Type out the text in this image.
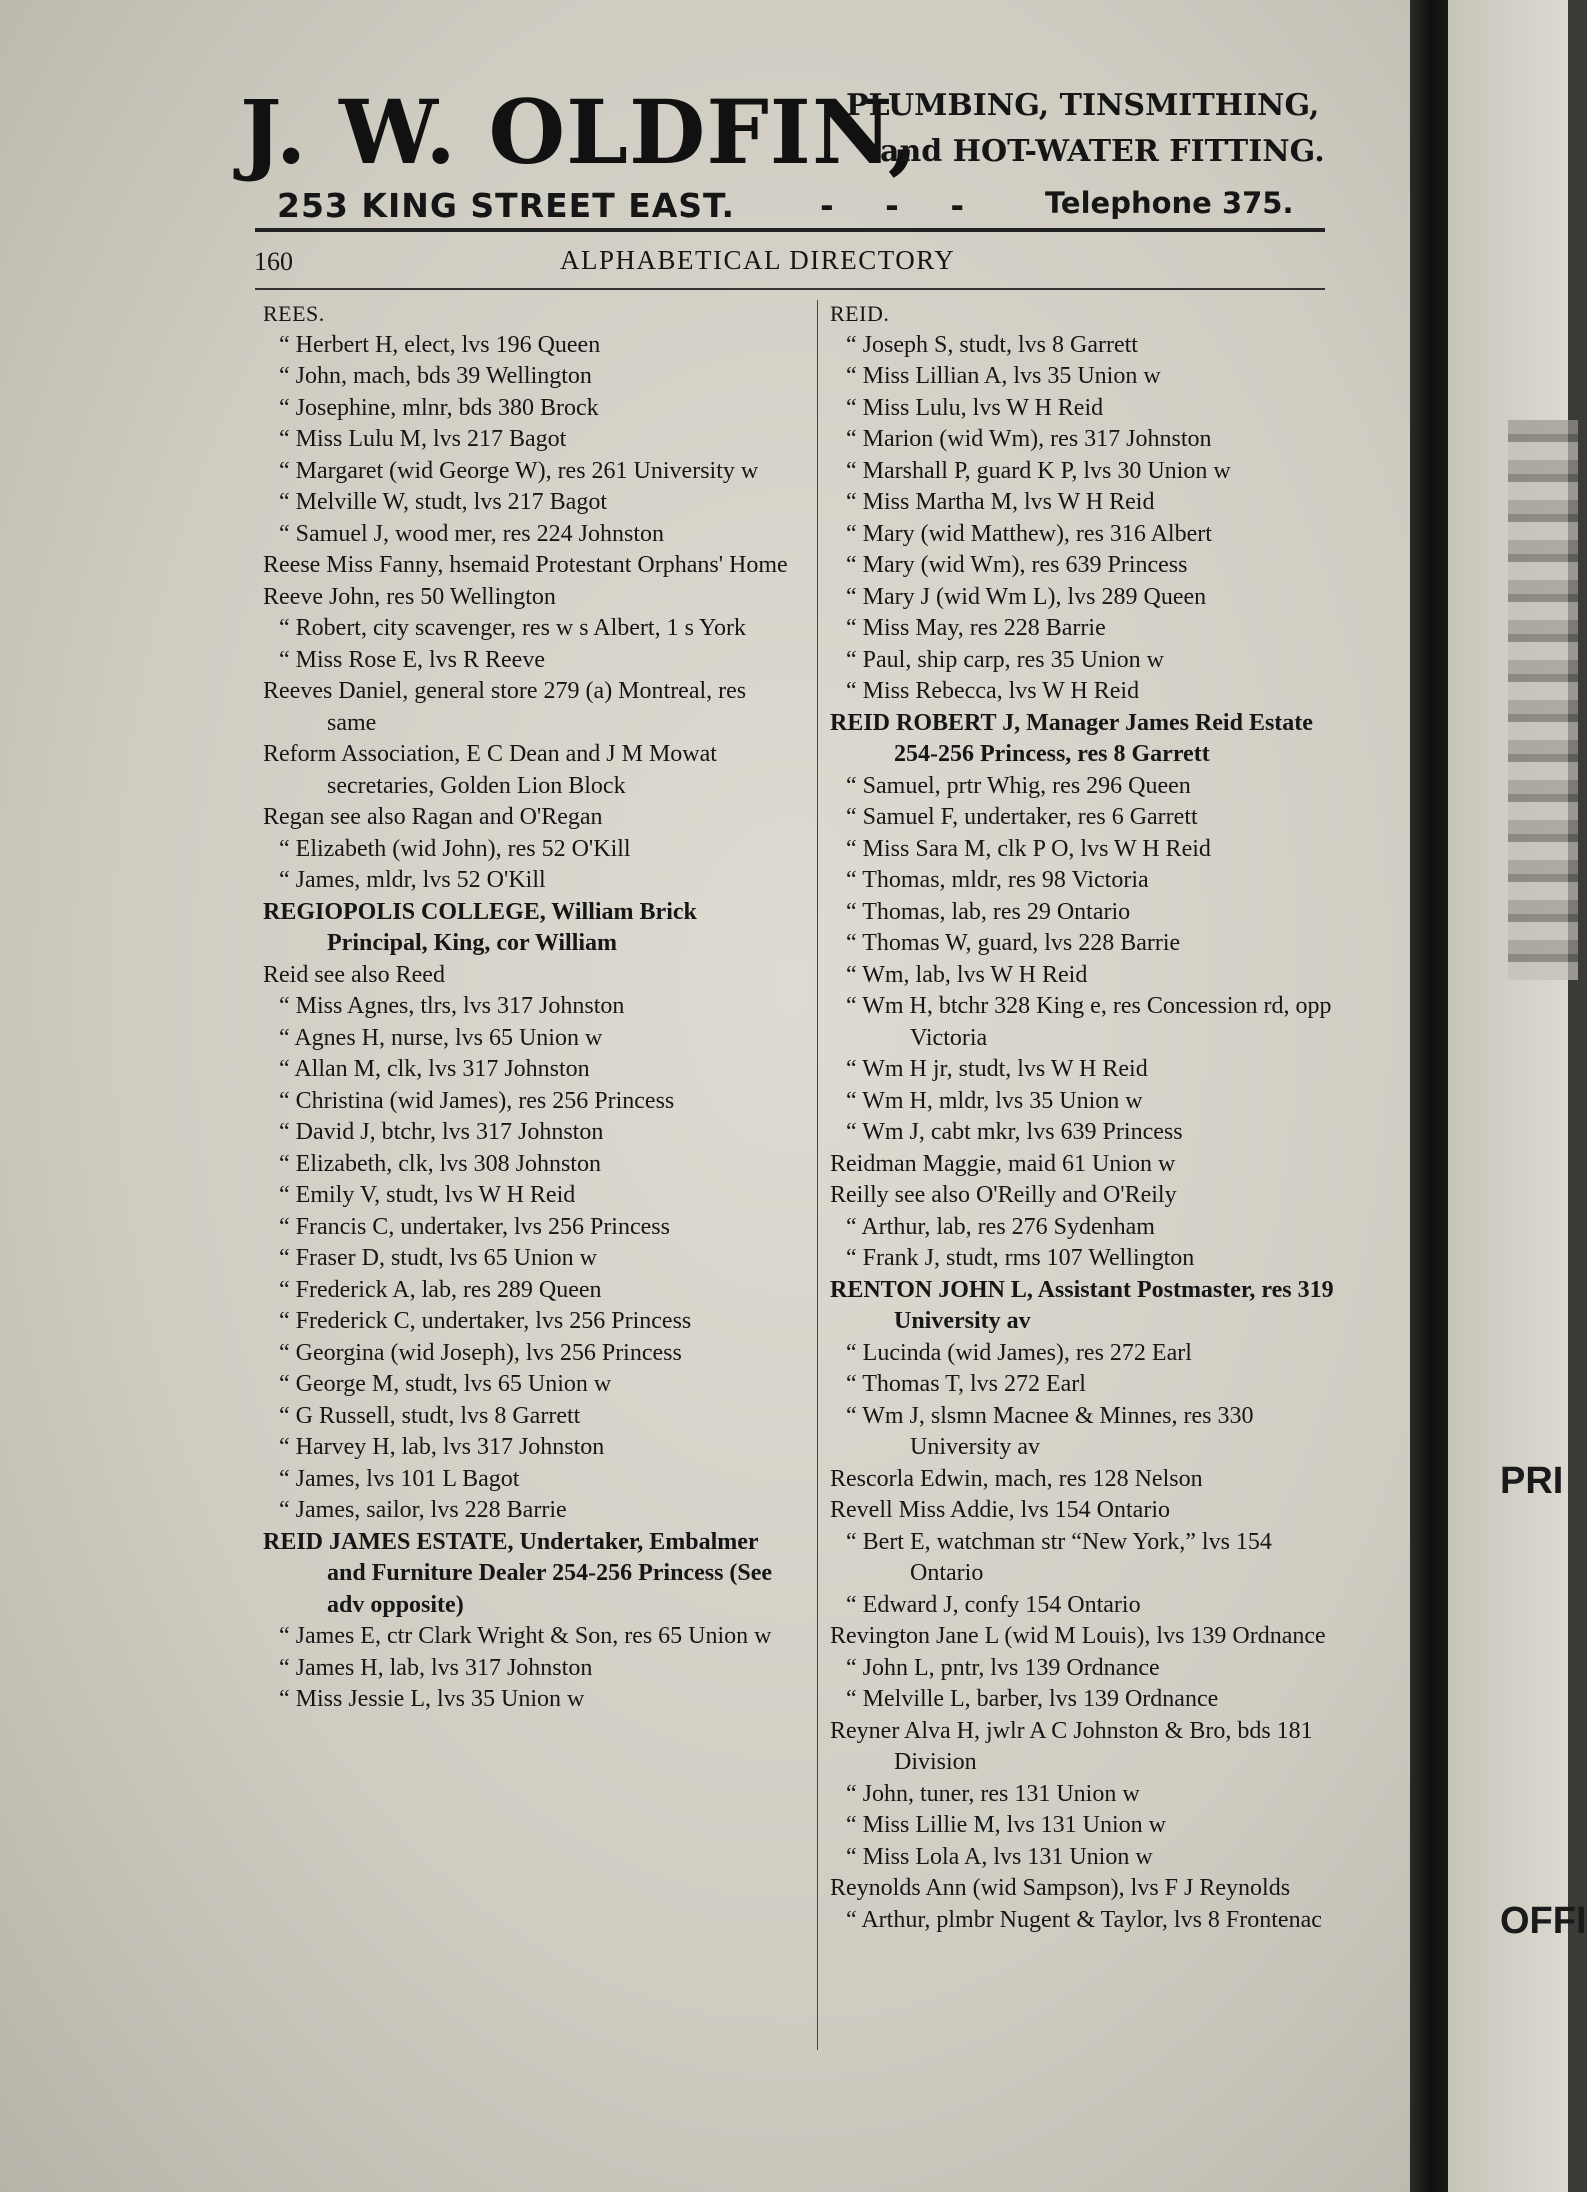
J. W. OLDFIN,
PLUMBING, TINSMITHING,
and HOT-WATER FITTING.
253 KING STREET EAST.	- - -	Telephone 375.
160	ALPHABETICAL DIRECTORY
REES.
“ Herbert H, elect, lvs 196 Queen
“ John, mach, bds 39 Wellington
“ Josephine, mlnr, bds 380 Brock
“ Miss Lulu M, lvs 217 Bagot
“ Margaret (wid George W), res 261 University w
“ Melville W, studt, lvs 217 Bagot
“ Samuel J, wood mer, res 224 Johnston
Reese Miss Fanny, hsemaid Protestant Orphans' Home
Reeve John, res 50 Wellington
“ Robert, city scavenger, res w s Albert, 1 s York
“ Miss Rose E, lvs R Reeve
Reeves Daniel, general store 279 (a) Montreal, res same
Reform Association, E C Dean and J M Mowat secretaries, Golden Lion Block
Regan see also Ragan and O'Regan
“ Elizabeth (wid John), res 52 O'Kill
“ James, mldr, lvs 52 O'Kill
REGIOPOLIS COLLEGE, William Brick Principal, King, cor William
Reid see also Reed
“ Miss Agnes, tlrs, lvs 317 Johnston
“ Agnes H, nurse, lvs 65 Union w
“ Allan M, clk, lvs 317 Johnston
“ Christina (wid James), res 256 Princess
“ David J, btchr, lvs 317 Johnston
“ Elizabeth, clk, lvs 308 Johnston
“ Emily V, studt, lvs W H Reid
“ Francis C, undertaker, lvs 256 Princess
“ Fraser D, studt, lvs 65 Union w
“ Frederick A, lab, res 289 Queen
“ Frederick C, undertaker, lvs 256 Princess
“ Georgina (wid Joseph), lvs 256 Princess
“ George M, studt, lvs 65 Union w
“ G Russell, studt, lvs 8 Garrett
“ Harvey H, lab, lvs 317 Johnston
“ James, lvs 101 L Bagot
“ James, sailor, lvs 228 Barrie
REID JAMES ESTATE, Undertaker, Embalmer and Furniture Dealer 254-256 Princess (See adv opposite)
“ James E, ctr Clark Wright & Son, res 65 Union w
“ James H, lab, lvs 317 Johnston
“ Miss Jessie L, lvs 35 Union w
REID.
“ Joseph S, studt, lvs 8 Garrett
“ Miss Lillian A, lvs 35 Union w
“ Miss Lulu, lvs W H Reid
“ Marion (wid Wm), res 317 Johnston
“ Marshall P, guard K P, lvs 30 Union w
“ Miss Martha M, lvs W H Reid
“ Mary (wid Matthew), res 316 Albert
“ Mary (wid Wm), res 639 Princess
“ Mary J (wid Wm L), lvs 289 Queen
“ Miss May, res 228 Barrie
“ Paul, ship carp, res 35 Union w
“ Miss Rebecca, lvs W H Reid
REID ROBERT J, Manager James Reid Estate 254-256 Princess, res 8 Garrett
“ Samuel, prtr Whig, res 296 Queen
“ Samuel F, undertaker, res 6 Garrett
“ Miss Sara M, clk P O, lvs W H Reid
“ Thomas, mldr, res 98 Victoria
“ Thomas, lab, res 29 Ontario
“ Thomas W, guard, lvs 228 Barrie
“ Wm, lab, lvs W H Reid
“ Wm H, btchr 328 King e, res Concession rd, opp Victoria
“ Wm H jr, studt, lvs W H Reid
“ Wm H, mldr, lvs 35 Union w
“ Wm J, cabt mkr, lvs 639 Princess
Reidman Maggie, maid 61 Union w
Reilly see also O'Reilly and O'Reily
“ Arthur, lab, res 276 Sydenham
“ Frank J, studt, rms 107 Wellington
RENTON JOHN L, Assistant Postmaster, res 319 University av
“ Lucinda (wid James), res 272 Earl
“ Thomas T, lvs 272 Earl
“ Wm J, slsmn Macnee & Minnes, res 330 University av
Rescorla Edwin, mach, res 128 Nelson
Revell Miss Addie, lvs 154 Ontario
“ Bert E, watchman str “New York,” lvs 154 Ontario
“ Edward J, confy 154 Ontario
Revington Jane L (wid M Louis), lvs 139 Ordnance
“ John L, pntr, lvs 139 Ordnance
“ Melville L, barber, lvs 139 Ordnance
Reyner Alva H, jwlr A C Johnston & Bro, bds 181 Division
“ John, tuner, res 131 Union w
“ Miss Lillie M, lvs 131 Union w
“ Miss Lola A, lvs 131 Union w
Reynolds Ann (wid Sampson), lvs F J Reynolds
“ Arthur, plmbr Nugent & Taylor, lvs 8 Frontenac
PRI
OFFI
